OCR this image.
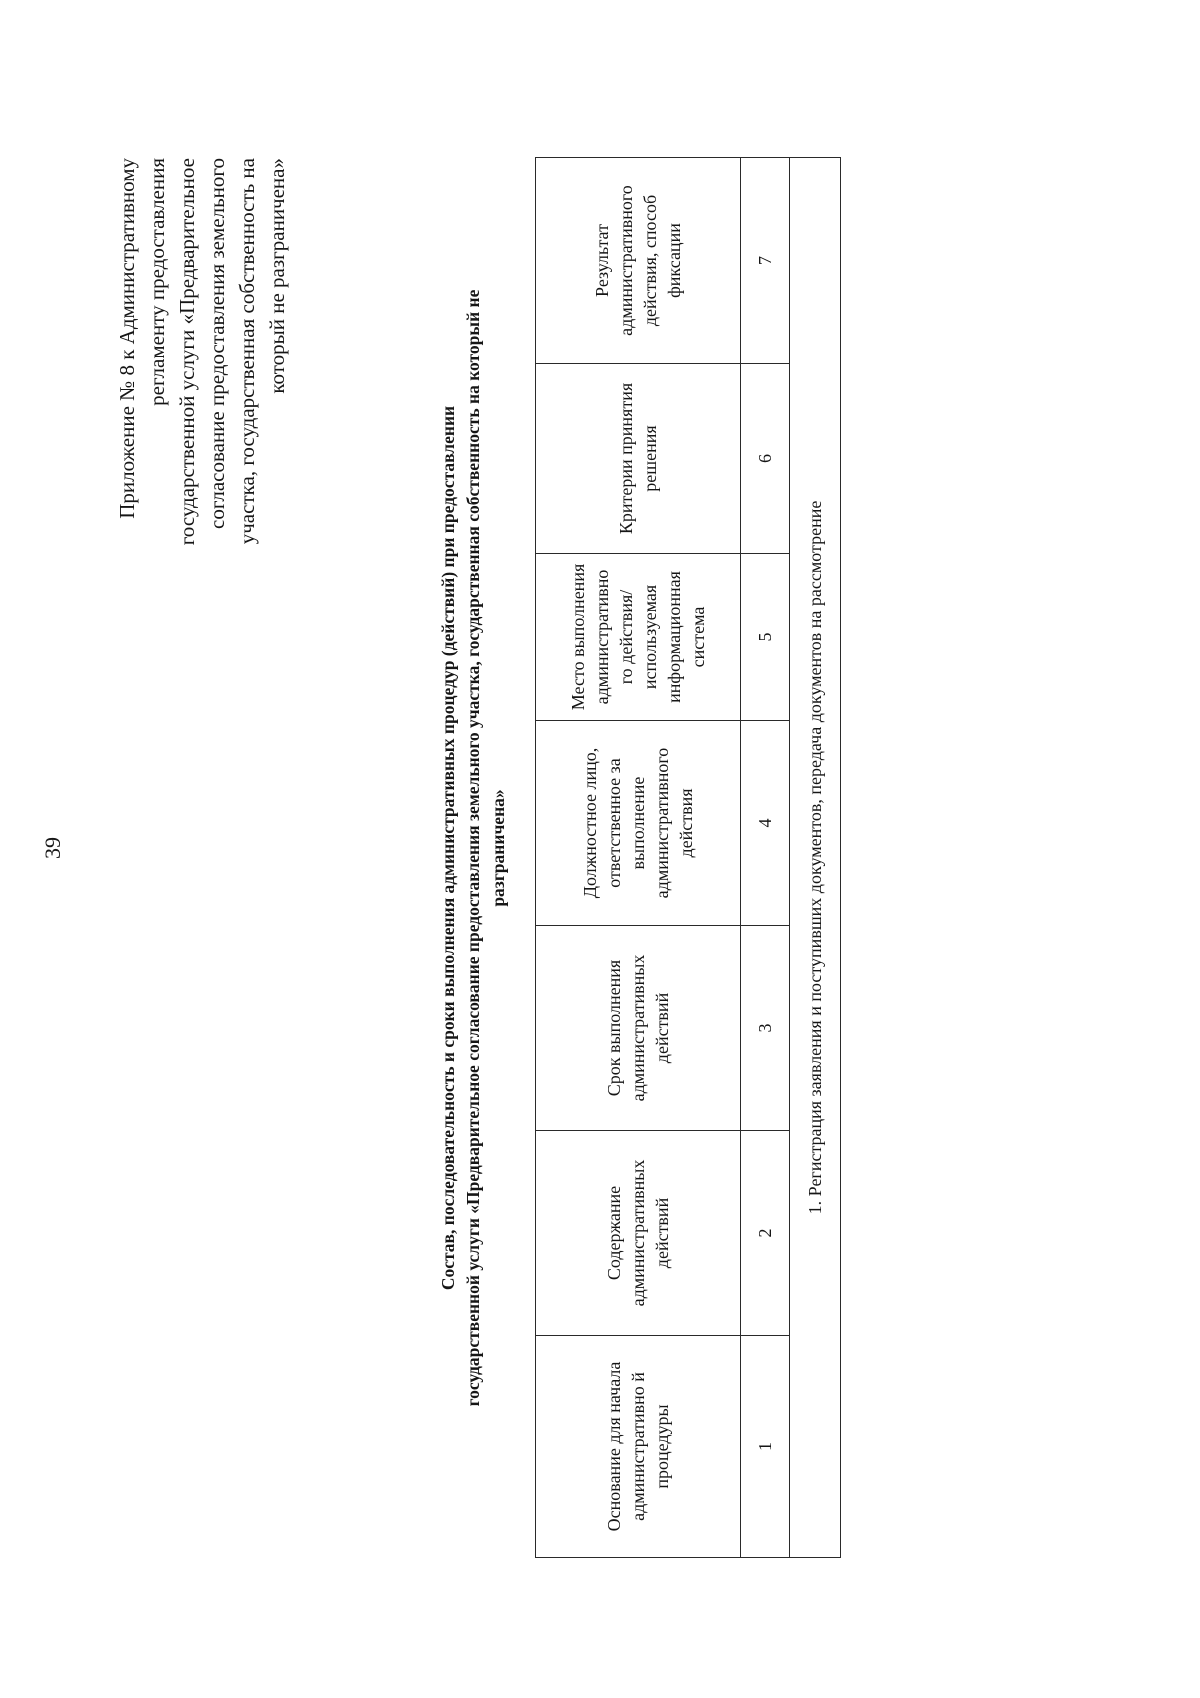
39
Приложение № 8 к Административному регламенту предоставления государственной услуги «Предварительное согласование предоставления земельного участка, государственная собственность на который не разграничена»
Состав, последовательность и сроки выполнения административных процедур (действий) при предоставлении государственной услуги «Предварительное согласование предоставления земельного участка, государственная собственность на который не разграничена»
Основание для начала административно й процедуры	Содержание административных действий	Срок выполнения административных действий	Должностное лицо, ответственное за выполнение административного действия	Место выполнения административно го действия/ используемая информационная система	Критерии принятия решения	Результат административного действия, способ фиксации
1	2	3	4	5	6	7
1. Регистрация заявления и поступивших документов, передача документов на рассмотрение						
